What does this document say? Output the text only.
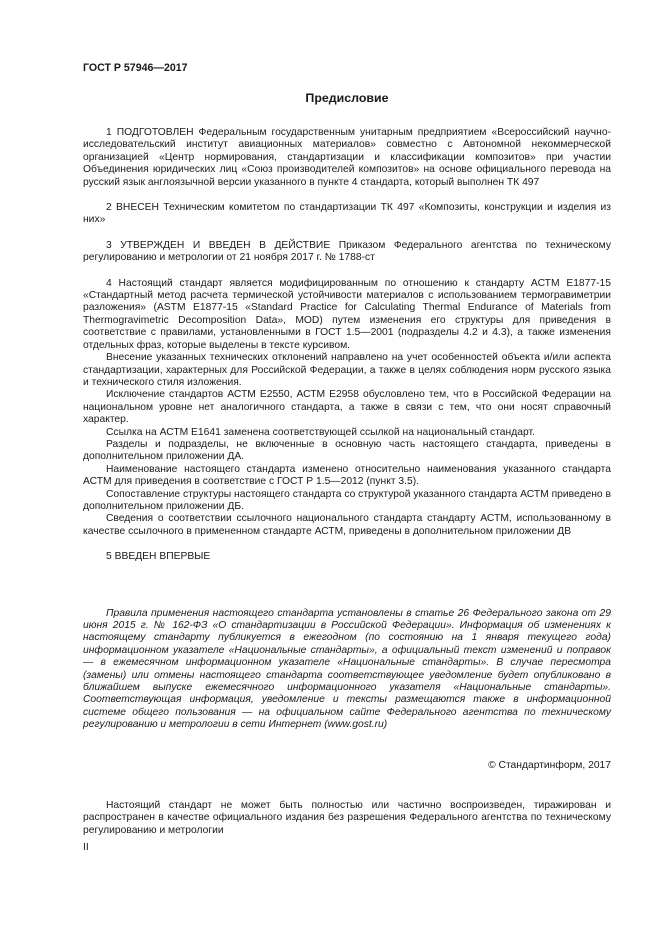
ГОСТ Р 57946—2017
Предисловие

1 ПОДГОТОВЛЕН Федеральным государственным унитарным предприятием «Всероссийский научно-исследовательский институт авиационных материалов» совместно с Автономной некоммерческой организацией «Центр нормирования, стандартизации и классификации композитов» при участии Объединения юридических лиц «Союз производителей композитов» на основе официального перевода на русский язык англоязычной версии указанного в пункте 4 стандарта, который выполнен ТК 497

2 ВНЕСЕН Техническим комитетом по стандартизации ТК 497 «Композиты, конструкции и изделия из них»

3 УТВЕРЖДЕН И ВВЕДЕН В ДЕЙСТВИЕ Приказом Федерального агентства по техническому регулированию и метрологии от 21 ноября 2017 г. № 1788-ст

4 Настоящий стандарт является модифицированным по отношению к стандарту АСТМ Е1877-15 «Стандартный метод расчета термической устойчивости материалов с использованием термогравиметрии разложения» (ASTM E1877-15 «Standard Practice for Calculating Thermal Endurance of Materials from Thermogravimetric Decomposition Data», MOD) путем изменения его структуры для приведения в соответствие с правилами, установленными в ГОСТ 1.5—2001 (подразделы 4.2 и 4.3), а также изменения отдельных фраз, которые выделены в тексте курсивом.

Внесение указанных технических отклонений направлено на учет особенностей объекта и/или аспекта стандартизации, характерных для Российской Федерации, а также в целях соблюдения норм русского языка и технического стиля изложения.

Исключение стандартов АСТМ Е2550, АСТМ Е2958 обусловлено тем, что в Российской Федерации на национальном уровне нет аналогичного стандарта, а также в связи с тем, что они носят справочный характер.

Ссылка на АСТМ Е1641 заменена соответствующей ссылкой на национальный стандарт.

Разделы и подразделы, не включенные в основную часть настоящего стандарта, приведены в дополнительном приложении ДА.

Наименование настоящего стандарта изменено относительно наименования указанного стандарта АСТМ для приведения в соответствие с ГОСТ Р 1.5—2012 (пункт 3.5).

Сопоставление структуры настоящего стандарта со структурой указанного стандарта АСТМ приведено в дополнительном приложении ДБ.

Сведения о соответствии ссылочного национального стандарта стандарту АСТМ, использованному в качестве ссылочного в примененном стандарте АСТМ, приведены в дополнительном приложении ДВ

5 ВВЕДЕН ВПЕРВЫЕ

Правила применения настоящего стандарта установлены в статье 26 Федерального закона от 29 июня 2015 г. № 162-ФЗ «О стандартизации в Российской Федерации». Информация об изменениях к настоящему стандарту публикуется в ежегодном (по состоянию на 1 января текущего года) информационном указателе «Национальные стандарты», а официальный текст изменений и поправок — в ежемесячном информационном указателе «Национальные стандарты». В случае пересмотра (замены) или отмены настоящего стандарта соответствующее уведомление будет опубликовано в ближайшем выпуске ежемесячного информационного указателя «Национальные стандарты». Соответствующая информация, уведомление и тексты размещаются также в информационной системе общего пользования — на официальном сайте Федерального агентства по техническому регулированию и метрологии в сети Интернет (www.gost.ru)

© Стандартинформ, 2017

Настоящий стандарт не может быть полностью или частично воспроизведен, тиражирован и распространен в качестве официального издания без разрешения Федерального агентства по техническому регулированию и метрологии

II
